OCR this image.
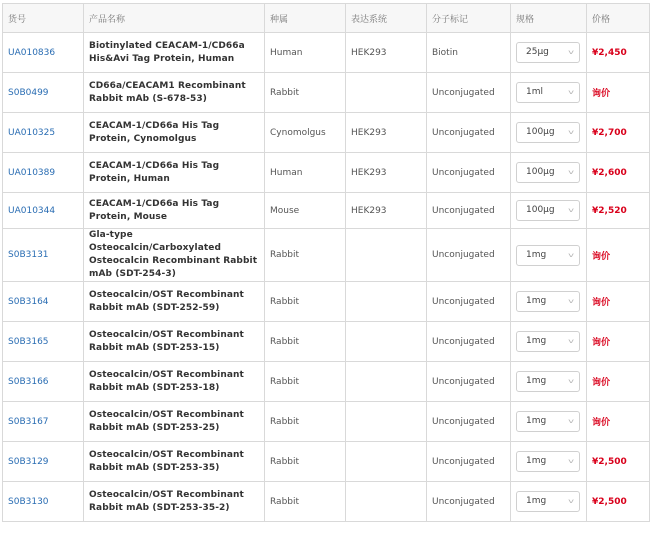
货号	产品名称	种属	表达系统	分子标记	规格	价格
UA010836	Biotinylated CEACAM-1/CD66a His&Avi Tag Protein, Human	Human	HEK293	Biotin	25μg v	¥ 2,450
S0B0499	CD66a/CEACAM1 Recombinant Rabbit mAb (S-678-53)	Rabbit		Unconjugated	1ml v	询价
UA010325	CEACAM-1/CD66a His Tag Protein, Cynomolgus	Cynomolgus	HEK293	Unconjugated	100μg v	¥ 2,700
UA010389	CEACAM-1/CD66a His Tag Protein, Human	Human	HEK293	Unconjugated	100μg v	¥ 2,600
UA010344	CEACAM-1/CD66a His Tag Protein, Mouse	Mouse	HEK293	Unconjugated	100μg v	¥ 2,520
S0B3131	Gla-type Osteocalcin/Carboxylated Osteocalcin Recombinant Rabbit mAb (SDT-254-3)	Rabbit		Unconjugated	1mg v	询价
S0B3164	Osteocalcin/OST Recombinant Rabbit mAb (SDT-252-59)	Rabbit		Unconjugated	1mg v	询价
S0B3165	Osteocalcin/OST Recombinant Rabbit mAb (SDT-253-15)	Rabbit		Unconjugated	1mg v	询价
S0B3166	Osteocalcin/OST Recombinant Rabbit mAb (SDT-253-18)	Rabbit		Unconjugated	1mg v	询价
S0B3167	Osteocalcin/OST Recombinant Rabbit mAb (SDT-253-25)	Rabbit		Unconjugated	1mg v	询价
S0B3129	Osteocalcin/OST Recombinant Rabbit mAb (SDT-253-35)	Rabbit		Unconjugated	1mg v	¥ 2,500
S0B3130	Osteocalcin/OST Recombinant Rabbit mAb (SDT-253-35-2)	Rabbit		Unconjugated	1mg v	¥ 2,500
